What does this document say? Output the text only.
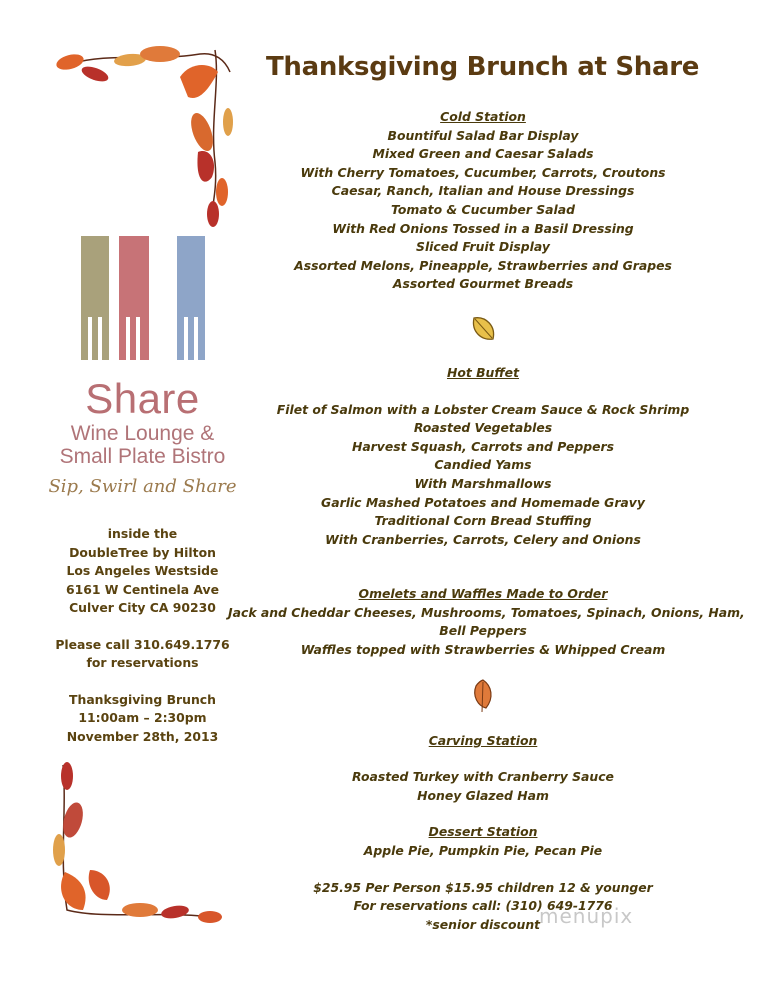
Share
Wine Lounge &
Small Plate Bistro
Sip, Swirl and Share
inside the
DoubleTree by Hilton
Los Angeles Westside
6161 W Centinela Ave
Culver City CA 90230
Please call 310.649.1776
for reservations
Thanksgiving Brunch
11:00am – 2:30pm
November 28th, 2013
Thanksgiving Brunch at Share
Cold Station
Bountiful Salad Bar Display
Mixed Green and Caesar Salads
With Cherry Tomatoes, Cucumber, Carrots, Croutons
Caesar, Ranch, Italian and House Dressings
Tomato & Cucumber Salad
With Red Onions Tossed in a Basil Dressing
Sliced Fruit Display
Assorted Melons, Pineapple, Strawberries and Grapes
Assorted Gourmet Breads
Hot Buffet
Filet of Salmon with a Lobster Cream Sauce & Rock Shrimp
Roasted Vegetables
Harvest Squash, Carrots and Peppers
Candied Yams
With Marshmallows
Garlic Mashed Potatoes and Homemade Gravy
Traditional Corn Bread Stuffing
With Cranberries, Carrots, Celery and Onions
Omelets and Waffles Made to Order
Jack and Cheddar Cheeses, Mushrooms, Tomatoes, Spinach, Onions, Ham,
Bell Peppers
Waffles topped with Strawberries & Whipped Cream
Carving Station
Roasted Turkey with Cranberry Sauce
Honey Glazed Ham
Dessert Station
Apple Pie, Pumpkin Pie, Pecan Pie
$25.95 Per Person $15.95 children 12 & younger
For reservations call: (310) 649-1776
*senior discount
menupix
